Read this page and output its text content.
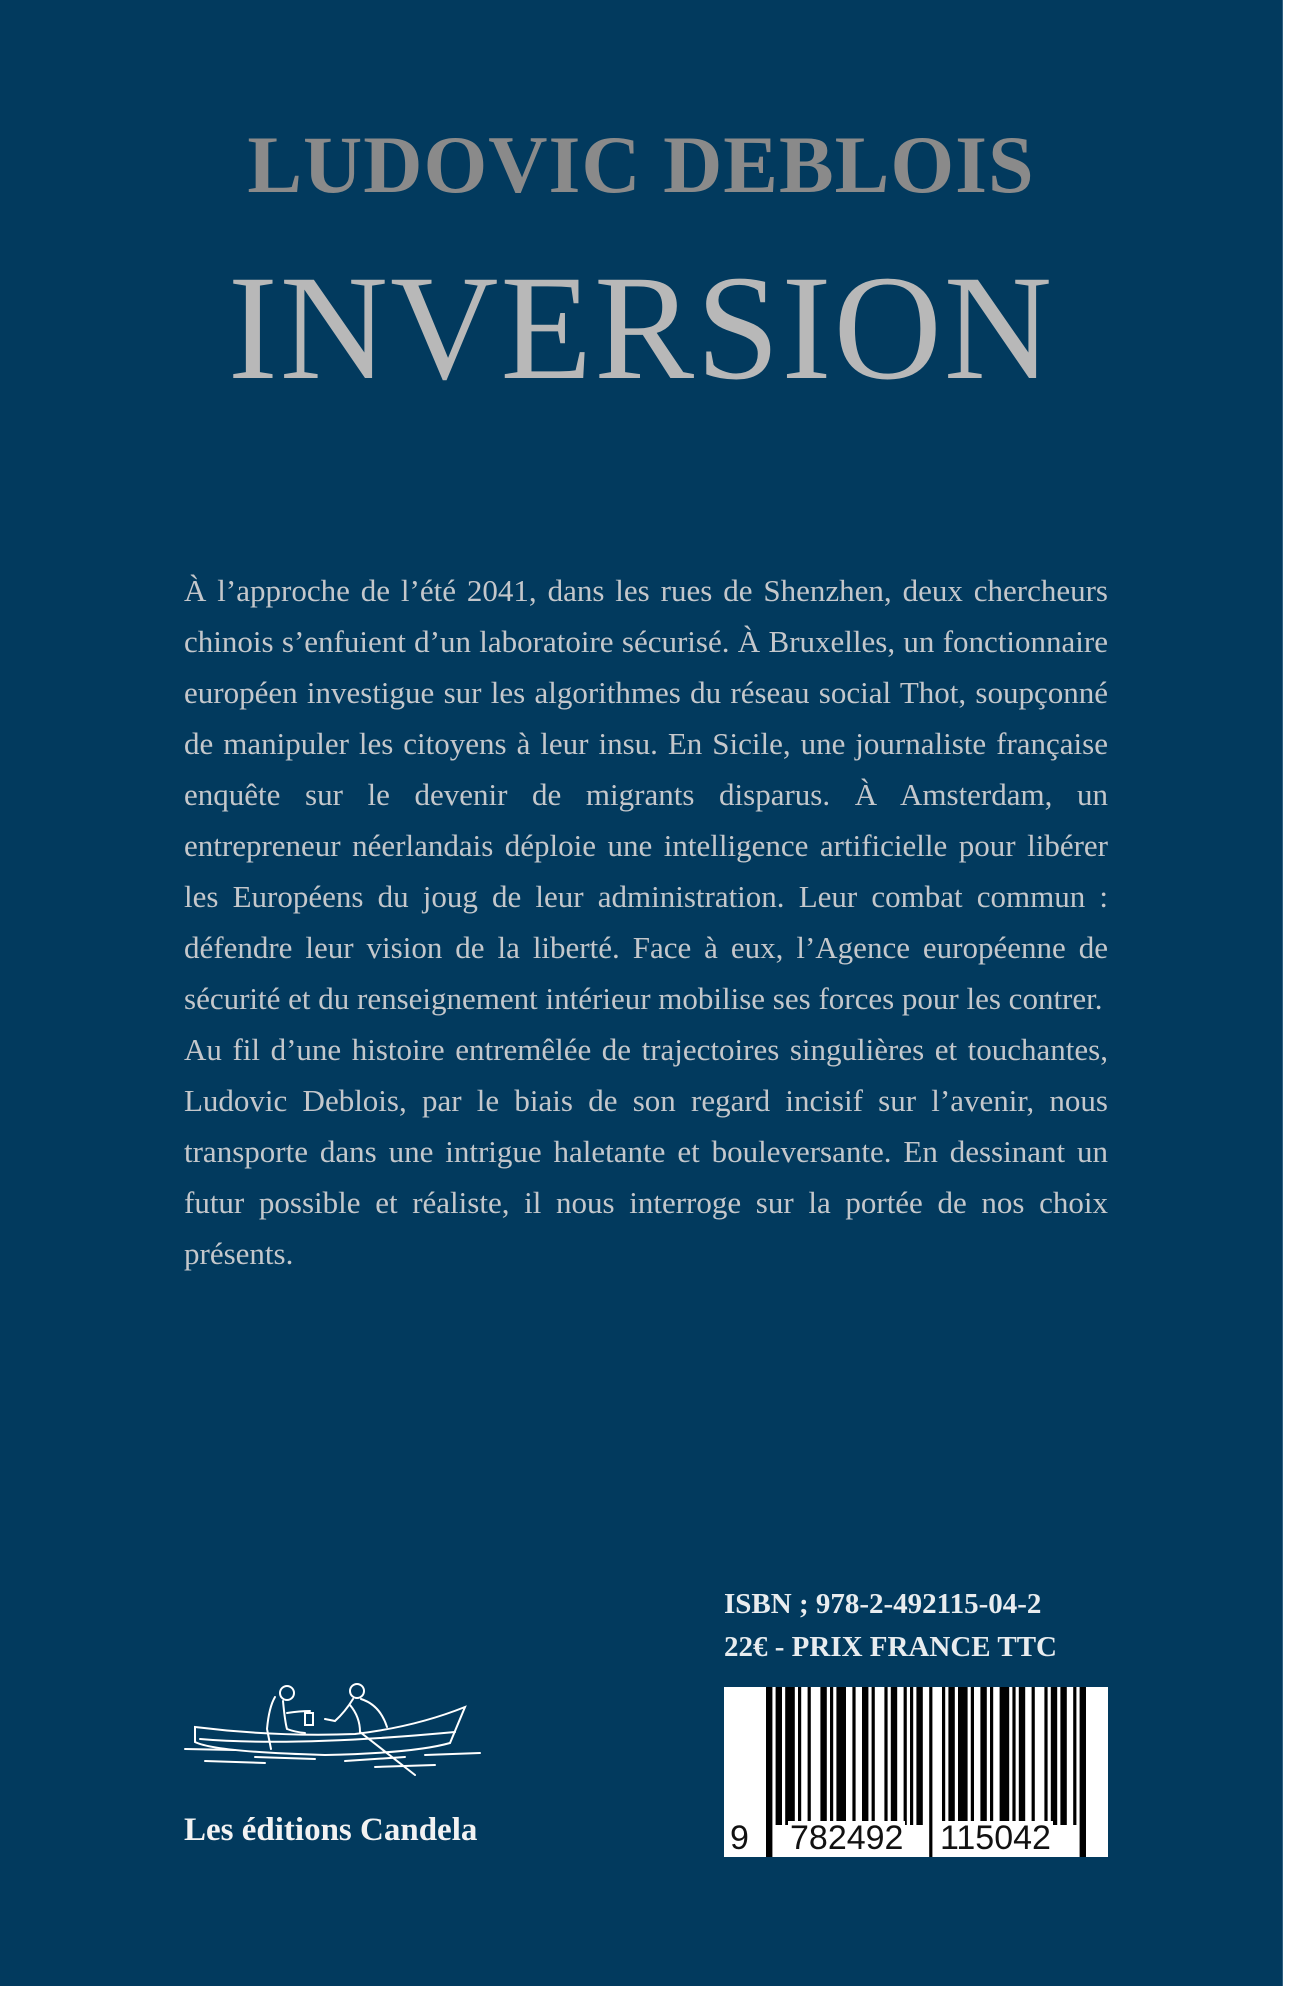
LUDOVIC DEBLOIS
INVERSION

À l’approche de l’été 2041, dans les rues de Shenzhen, deux chercheurs chinois s’enfuient d’un laboratoire sécurisé. À Bruxelles, un fonctionnaire européen investigue sur les algorithmes du réseau social Thot, soupçonné de manipuler les citoyens à leur insu. En Sicile, une journaliste française enquête sur le devenir de migrants disparus. À Amsterdam, un entrepreneur néerlandais déploie une intelligence artificielle pour libérer les Européens du joug de leur administration. Leur combat commun : défendre leur vision de la liberté. Face à eux, l’Agence européenne de sécurité et du renseignement intérieur mobilise ses forces pour les contrer.

Au fil d’une histoire entremêlée de trajectoires singulières et touchantes, Ludovic Deblois, par le biais de son regard incisif sur l’avenir, nous transporte dans une intrigue haletante et bouleversante. En dessinant un futur possible et réaliste, il nous interroge sur la portée de nos choix présents.

ISBN ; 978-2-492115-04-2
22€ - PRIX FRANCE TTC
9 782492 115042
Les éditions Candela
